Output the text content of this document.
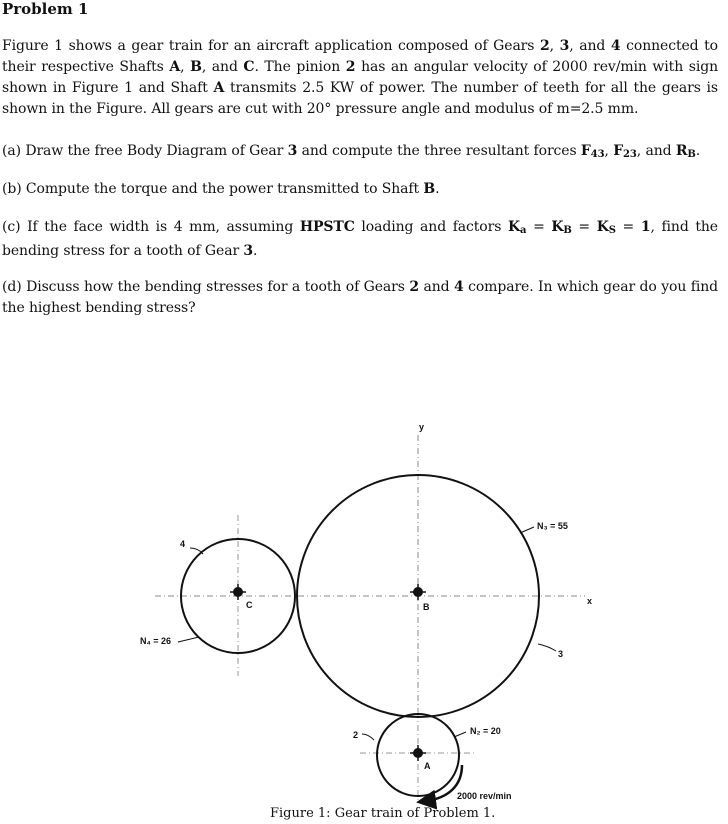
Problem 1
Figure 1 shows a gear train for an aircraft application composed of Gears 2, 3, and 4 connected to their respective Shafts A, B, and C. The pinion 2 has an angular velocity of 2000 rev/min with sign shown in Figure 1 and Shaft A transmits 2.5 KW of power. The number of teeth for all the gears is shown in the Figure. All gears are cut with 20° pressure angle and modulus of m=2.5 mm.
(a) Draw the free Body Diagram of Gear 3 and compute the three resultant forces $F_{43}$, $F_{23}$, and $R_B$.
(b) Compute the torque and the power transmitted to Shaft B.
(c) If the face width is 4 mm, assuming HPSTC loading and factors $K_a = K_B = K_S = 1$, find the bending stress for a tooth of Gear 3.
(d) Discuss how the bending stresses for a tooth of Gears 2 and 4 compare. In which gear do you find the highest bending stress?
y
x
C	B
A
4
3
2
N₄ = 26
N₃ = 55
N₂ = 20
2000 rev/min
Figure 1: Gear train of Problem 1.
